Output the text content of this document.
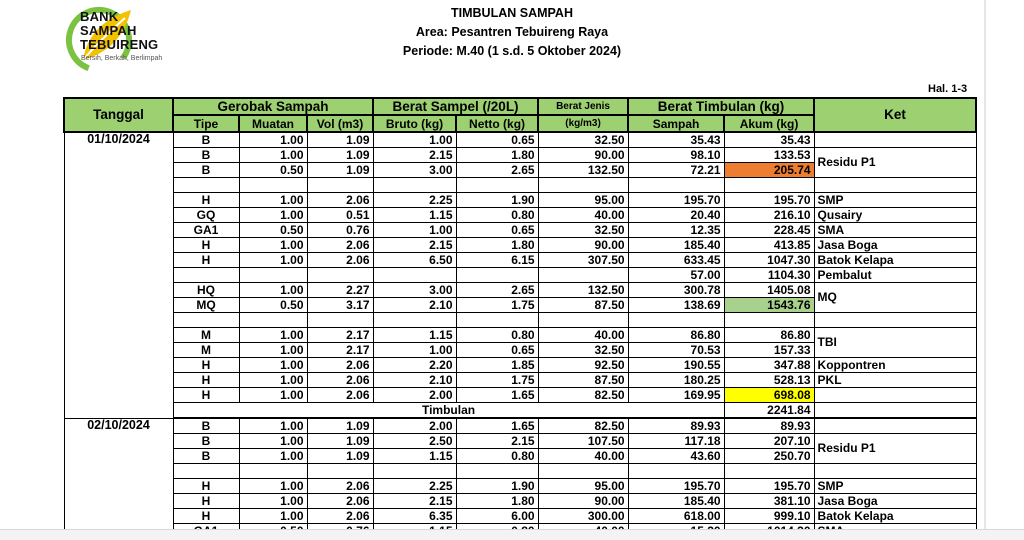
BANK
SAMPAH
TEBUIRENG
Bersih, Berkah, Berlimpah
TIMBULAN SAMPAH
Area: Pesantren Tebuireng Raya
Periode: M.40 (1 s.d. 5 Oktober 2024)
Hal. 1-3
Tanggal	Gerobak Sampah			Berat Sampel (/20L)		Berat Jenis	Berat Timbulan (kg)		Ket
	Tipe	Muatan	Vol (m3)	Bruto (kg)	Netto (kg)	(kg/m3)	Sampah	Akum (kg)	
01/10/2024	B	1.00	1.09	1.00	0.65	32.50	35.43	35.43	
	B	1.00	1.09	2.15	1.80	90.00	98.10	133.53	Residu P1
	B	0.50	1.09	3.00	2.65	132.50	72.21	205.74	

	H	1.00	2.06	2.25	1.90	95.00	195.70	195.70	SMP
	GQ	1.00	0.51	1.15	0.80	40.00	20.40	216.10	Qusairy
	GA1	0.50	0.76	1.00	0.65	32.50	12.35	228.45	SMA
	H	1.00	2.06	2.15	1.80	90.00	185.40	413.85	Jasa Boga
	H	1.00	2.06	6.50	6.15	307.50	633.45	1047.30	Batok Kelapa
							57.00	1104.30	Pembalut
	HQ	1.00	2.27	3.00	2.65	132.50	300.78	1405.08	MQ
	MQ	0.50	3.17	2.10	1.75	87.50	138.69	1543.76	

	M	1.00	2.17	1.15	0.80	40.00	86.80	86.80	TBI
	M	1.00	2.17	1.00	0.65	32.50	70.53	157.33	
	H	1.00	2.06	2.20	1.85	92.50	190.55	347.88	Koppontren
	H	1.00	2.06	2.10	1.75	87.50	180.25	528.13	PKL
	H	1.00	2.06	2.00	1.65	82.50	169.95	698.08	
	Timbulan							2241.84	
02/10/2024	B	1.00	1.09	2.00	1.65	82.50	89.93	89.93	
	B	1.00	1.09	2.50	2.15	107.50	117.18	207.10	Residu P1
	B	1.00	1.09	1.15	0.80	40.00	43.60	250.70	

	H	1.00	2.06	2.25	1.90	95.00	195.70	195.70	SMP
	H	1.00	2.06	2.15	1.80	90.00	185.40	381.10	Jasa Boga
	H	1.00	2.06	6.35	6.00	300.00	618.00	999.10	Batok Kelapa
